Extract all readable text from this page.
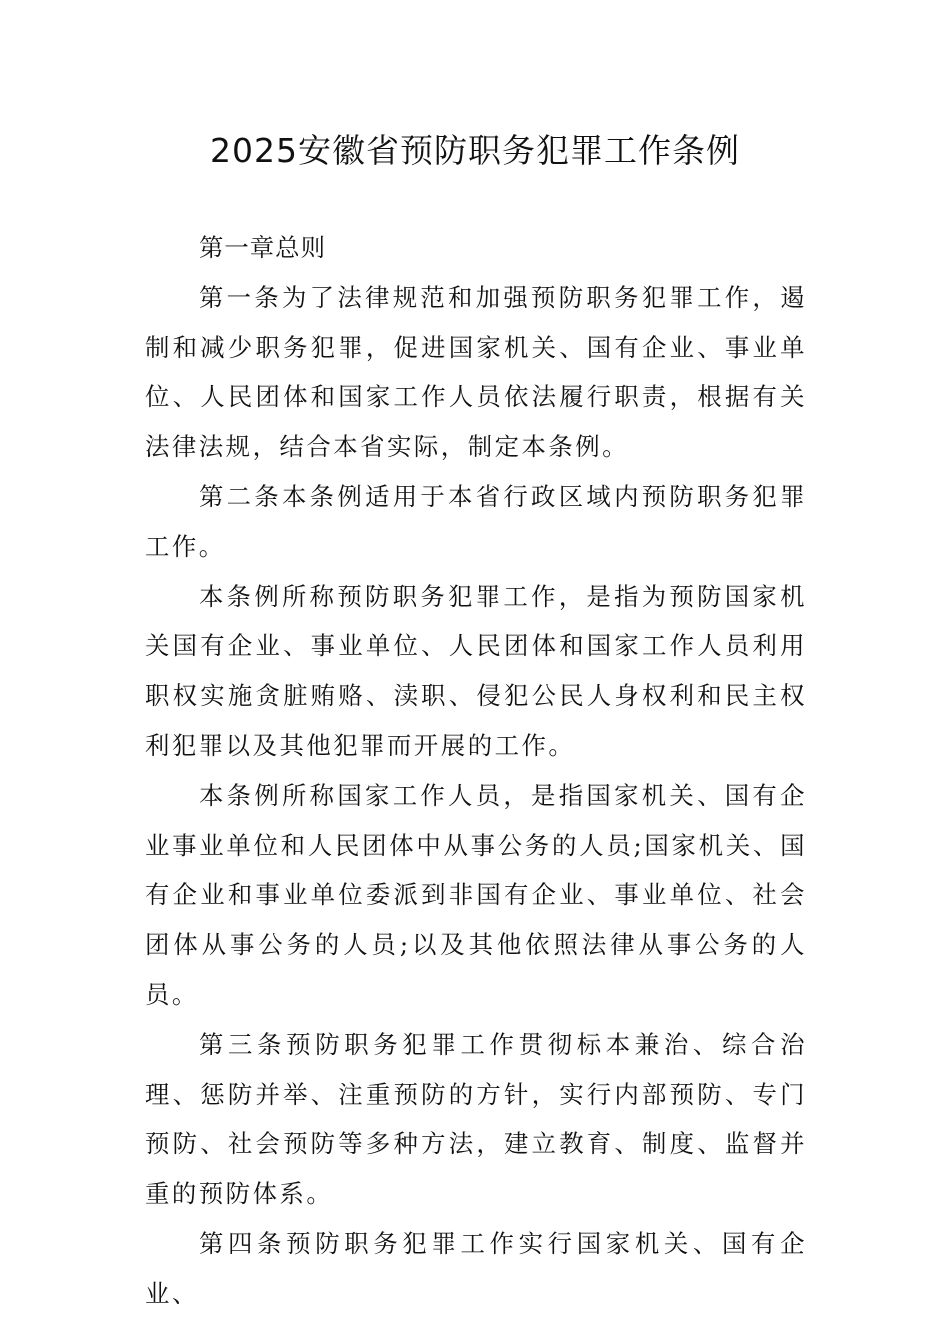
2025安徽省预防职务犯罪工作条例

第一章总则

第一条为了法律规范和加强预防职务犯罪工作，遏制和减少职务犯罪，促进国家机关、国有企业、事业单位、人民团体和国家工作人员依法履行职责，根据有关法律法规，结合本省实际，制定本条例。

第二条本条例适用于本省行政区域内预防职务犯罪工作。

本条例所称预防职务犯罪工作，是指为预防国家机关国有企业、事业单位、人民团体和国家工作人员利用职权实施贪脏贿赂、渎职、侵犯公民人身权利和民主权利犯罪以及其他犯罪而开展的工作。

本条例所称国家工作人员，是指国家机关、国有企业事业单位和人民团体中从事公务的人员;国家机关、国有企业和事业单位委派到非国有企业、事业单位、社会团体从事公务的人员;以及其他依照法律从事公务的人员。

第三条预防职务犯罪工作贯彻标本兼治、综合治理、惩防并举、注重预防的方针，实行内部预防、专门预防、社会预防等多种方法，建立教育、制度、监督并重的预防体系。

第四条预防职务犯罪工作实行国家机关、国有企业、
